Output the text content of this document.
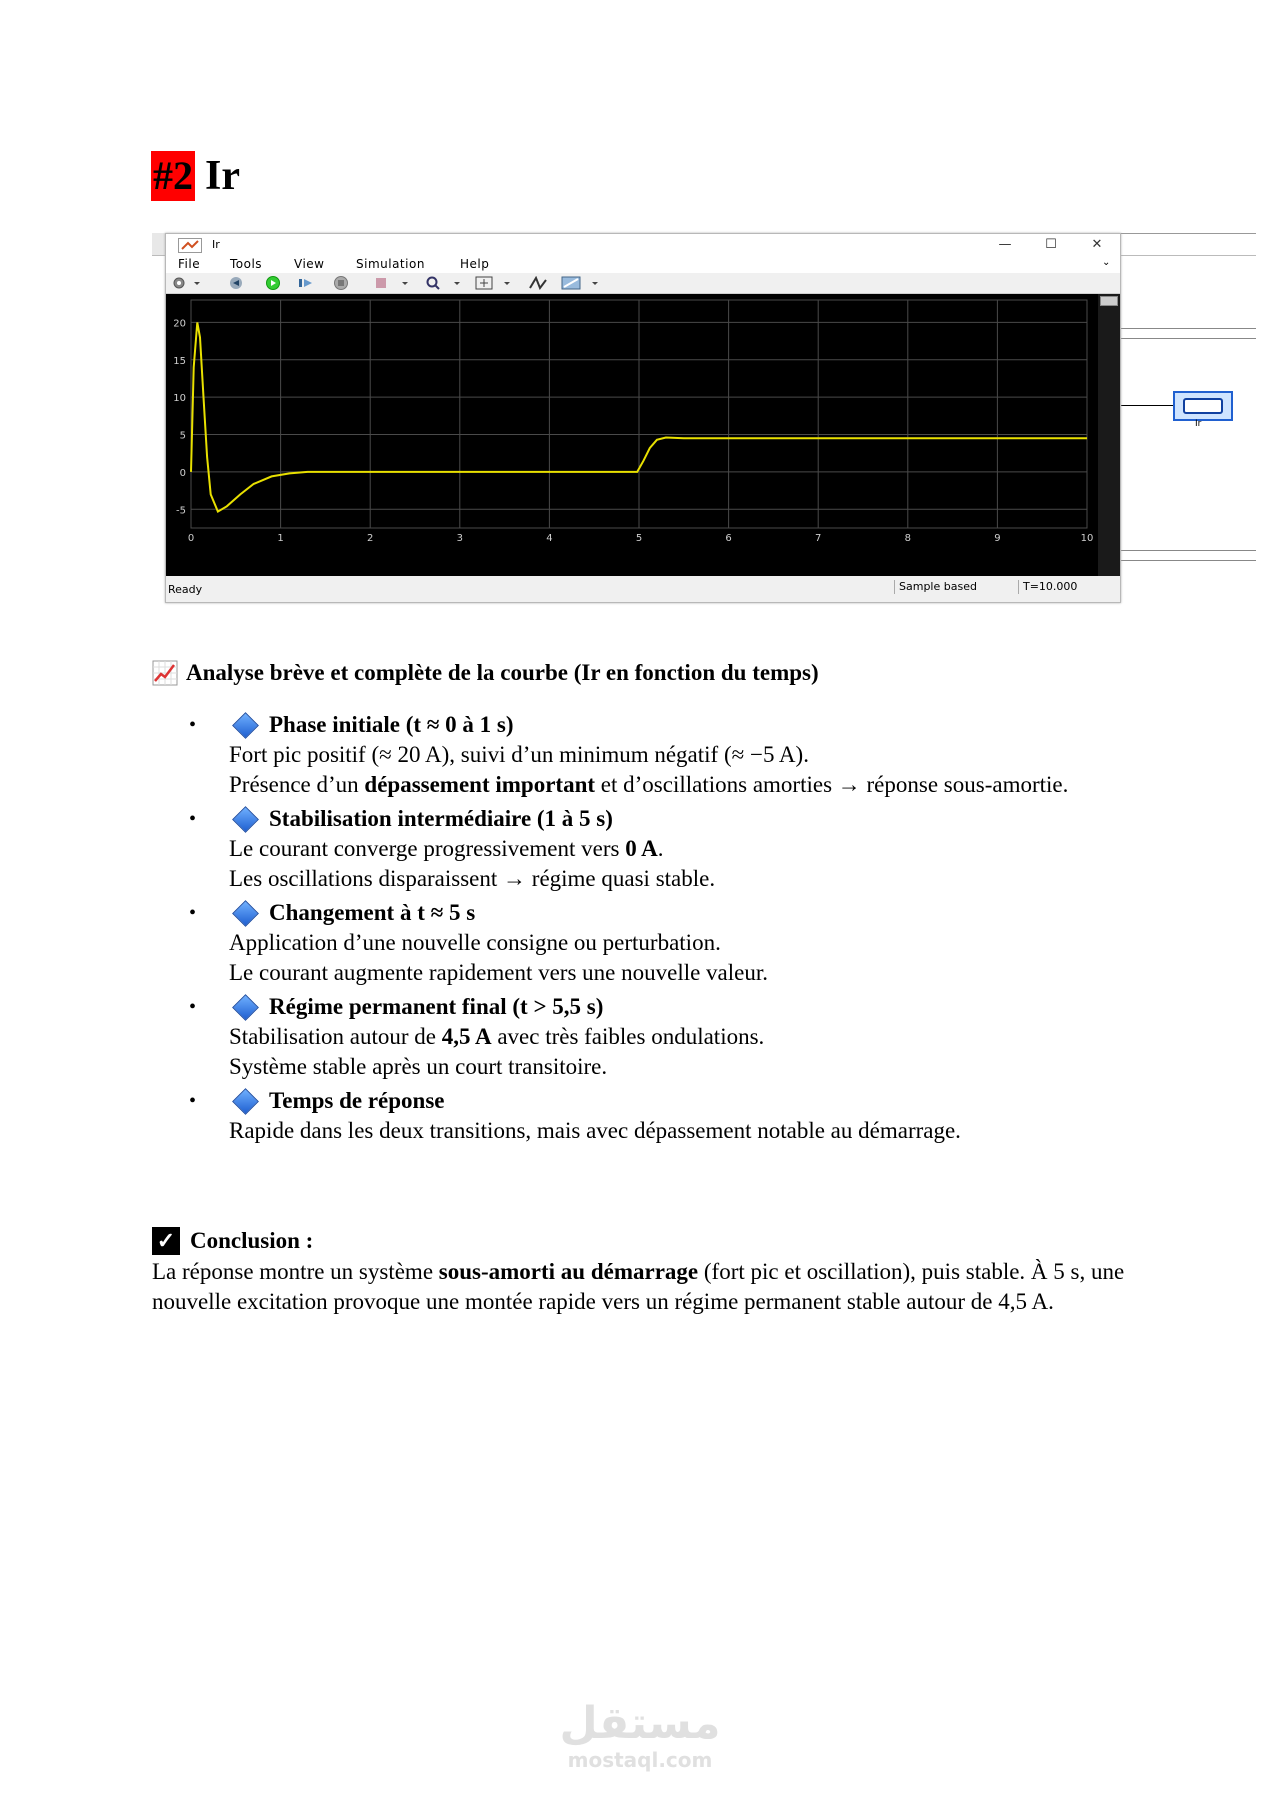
#2 Ir
Ir
Ir	—	☐	✕
File Tools	View	Simulation	Help	⌄
0	1	2	3	4	5	6	7	8	9	10
-5
0
5
10
15
20
Ready	Sample based	T=10.000
Analyse brève et complète de la courbe (Ir en fonction du temps)
•	Phase initiale (t ≈ 0 à 1 s)
Fort pic positif (≈ 20 A), suivi d’un minimum négatif (≈ −5 A).
Présence d’un dépassement important et d’oscillations amorties → réponse sous-amortie.
•	Stabilisation intermédiaire (1 à 5 s)
Le courant converge progressivement vers 0 A.
Les oscillations disparaissent → régime quasi stable.
•	Changement à t ≈ 5 s
Application d’une nouvelle consigne ou perturbation.
Le courant augmente rapidement vers une nouvelle valeur.
•	Régime permanent final (t > 5,5 s)
Stabilisation autour de 4,5 A avec très faibles ondulations.
Système stable après un court transitoire.
•	Temps de réponse
Rapide dans les deux transitions, mais avec dépassement notable au démarrage.
✓ Conclusion :
La réponse montre un système sous-amorti au démarrage (fort pic et oscillation), puis stable. À 5 s, une nouvelle excitation provoque une montée rapide vers un régime permanent stable autour de 4,5 A.
مستقل
mostaql.com
